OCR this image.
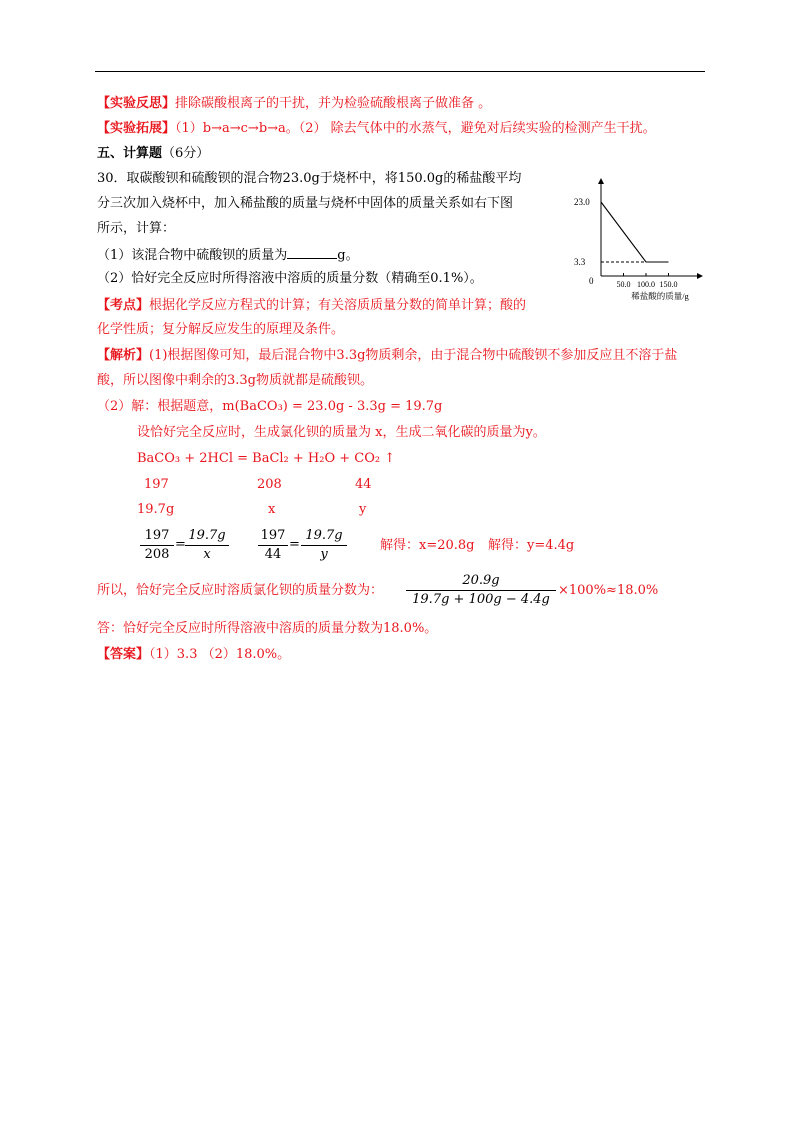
【实验反思】排除碳酸根离子的干扰，并为检验硫酸根离子做准备 。
【实验拓展】（1）b→a→c→b→a。（2） 除去气体中的水蒸气，避免对后续实验的检测产生干扰。
五、计算题（6分）
30．取碳酸钡和硫酸钡的混合物23.0g于烧杯中，将150.0g的稀盐酸平均
分三次加入烧杯中，加入稀盐酸的质量与烧杯中固体的质量关系如右下图
所示，计算：
（1）该混合物中硫酸钡的质量为	g。
（2）恰好完全反应时所得溶液中溶质的质量分数（精确至0.1%）。
23.0
3.3
0	50.0 100.0 150.0
稀盐酸的质量/g
【考点】根据化学反应方程式的计算；有关溶质质量分数的简单计算；酸的
化学性质；复分解反应发生的原理及条件。
【解析】(1)根据图像可知，最后混合物中3.3g物质剩余，由于混合物中硫酸钡不参加反应且不溶于盐
酸，所以图像中剩余的3.3g物质就都是硫酸钡。
（2）解：根据题意，m(BaCO₃) = 23.0g - 3.3g = 19.7g
设恰好完全反应时，生成氯化钡的质量为 x，生成二氧化碳的质量为y。
BaCO₃ + 2HCl = BaCl₂ + H₂O + CO₂ ↑
197	208	44
19.7g	x	y
197
208
=
19.7g
x
197
44
=
19.7g
y
解得：x=20.8g 解得：y=4.4g
所以，恰好完全反应时溶质氯化钡的质量分数为：
20.9g
19.7g + 100g − 4.4g
×100%≈18.0%
答：恰好完全反应时所得溶液中溶质的质量分数为18.0%。
【答案】（1）3.3 （2）18.0%。
